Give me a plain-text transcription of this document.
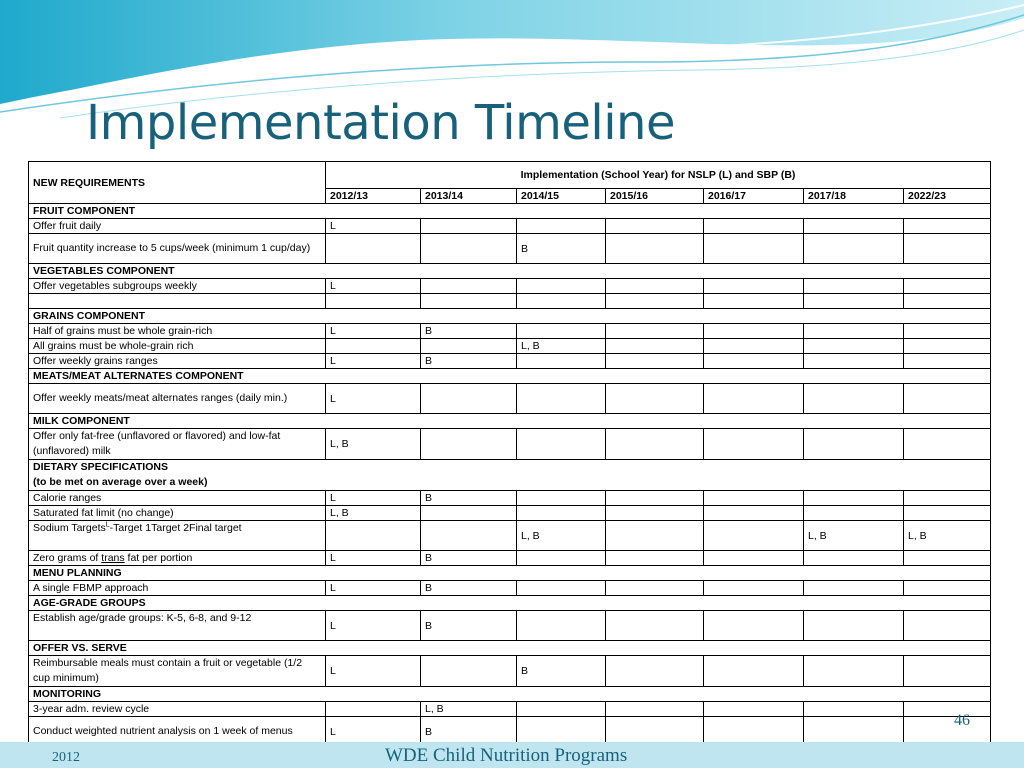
Implementation Timeline
NEW REQUIREMENTS	Implementation (School Year) for NSLP (L) and SBP (B)						
	2012/13	2013/14	2014/15	2015/16	2016/17	2017/18	2022/23
FRUIT COMPONENT							
Offer fruit daily	L						
Fruit quantity increase to 5 cups/week (minimum 1 cup/day)			B				
VEGETABLES COMPONENT							
Offer vegetables subgroups weekly	L						

GRAINS COMPONENT							
Half of grains must be whole grain-rich	L	B					
All grains must be whole-grain rich			L, B				
Offer weekly grains ranges	L	B					
MEATS/MEAT ALTERNATES COMPONENT							
Offer weekly meats/meat alternates ranges (daily min.)	L						
MILK COMPONENT							
Offer only fat-free (unflavored or flavored) and low-fat (unflavored) milk	L, B						
DIETARY SPECIFICATIONS
(to be met on average over a week)							
Calorie ranges	L	B					
Saturated fat limit (no change)	L, B						
Sodium Targets$^L$-Target 1Target 2Final target			L, B			L, B	L, B
Zero grams of trans fat per portion	L	B					
MENU PLANNING							
A single FBMP approach	L	B					
AGE-GRADE GROUPS							
Establish age/grade groups: K-5, 6-8, and 9-12	L	B					
OFFER VS. SERVE							
Reimbursable meals must contain a fruit or vegetable (1/2 cup minimum)	L		B				
MONITORING							
3-year adm. review cycle		L, B					
Conduct weighted nutrient analysis on 1 week of menus	L	B					
2012	WDE Child Nutrition Programs
46
